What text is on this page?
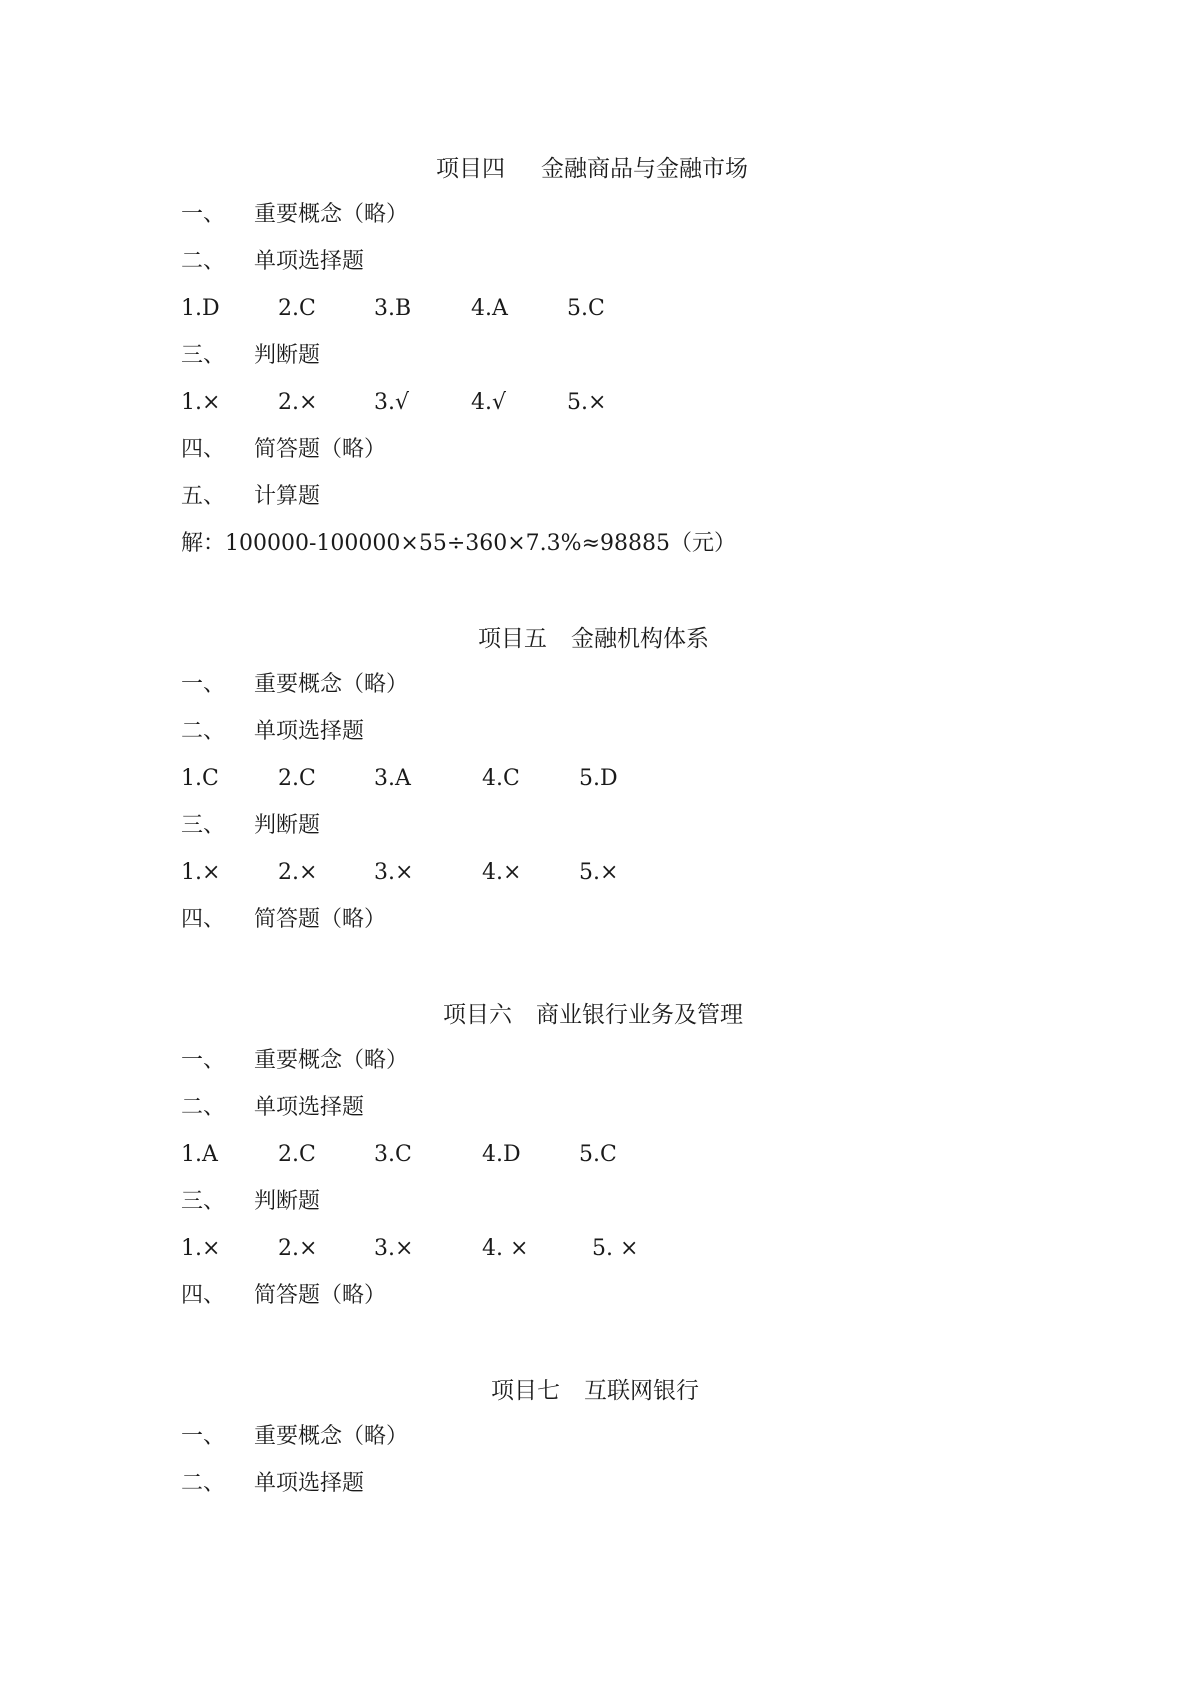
项目四 金融商品与金融市场
一、 重要概念（略）
二、 单项选择题
1.D	2.C	3.B	4.A	5.C
三、 判断题
1.×	2.×	3.√	4.√	5.×
四、 简答题（略）
五、 计算题
解：100000-100000×55÷360×7.3%≈98885（元）
项目五 金融机构体系
一、 重要概念（略）
二、 单项选择题
1.C	2.C	3.A	4.C	5.D
三、 判断题
1.×	2.×	3.×	4.×	5.×
四、 简答题（略）
项目六 商业银行业务及管理
一、 重要概念（略）
二、 单项选择题
1.A	2.C	3.C	4.D	5.C
三、 判断题
1.×	2.×	3.×	4. ×	5. ×
四、 简答题（略）
项目七 互联网银行
一、 重要概念（略）
二、 单项选择题
